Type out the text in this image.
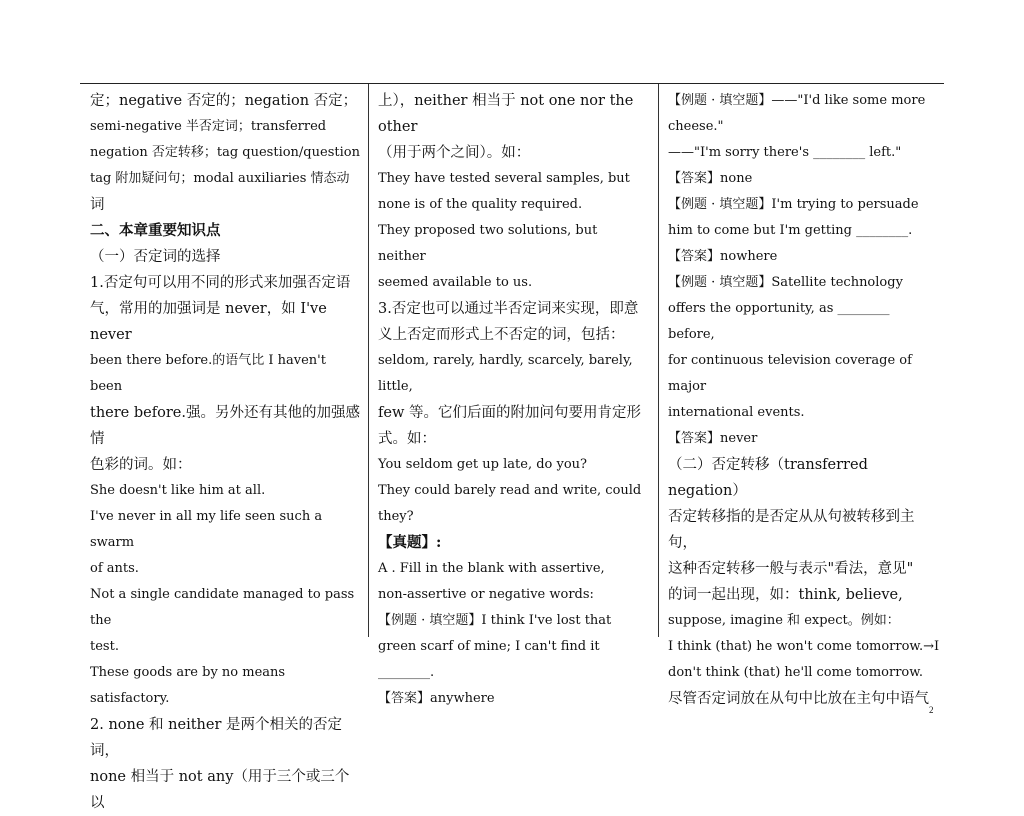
定；negative 否定的；negation 否定；

semi-negative 半否定词；transferred

negation 否定转移；tag question/question

tag 附加疑问句；modal auxiliaries 情态动

词

二、本章重要知识点

（一）否定词的选择

1.否定句可以用不同的形式来加强否定语

气，常用的加强词是 never，如 I've never

been there before.的语气比 I haven't been

there before.强。另外还有其他的加强感情

色彩的词。如：

She doesn't like him at all.

I've never in all my life seen such a swarm

of ants.

Not a single candidate managed to pass the

test.

These goods are by no means satisfactory.

2. none 和 neither 是两个相关的否定词，

none 相当于 not any（用于三个或三个以

上），neither 相当于 not one nor the other

（用于两个之间）。如：

They have tested several samples, but

none is of the quality required.

They proposed two solutions, but neither

seemed available to us.

3.否定也可以通过半否定词来实现，即意

义上否定而形式上不否定的词，包括：

seldom, rarely, hardly, scarcely, barely, little,

few 等。它们后面的附加问句要用肯定形

式。如：

You seldom get up late, do you?

They could barely read and write, could

they?

【真题】:

A . Fill in the blank with assertive,

non-assertive or negative words:

【例题 · 填空题】I think I've lost that

green scarf of mine; I can't find it ________.

【答案】anywhere

【例题 · 填空题】——"I'd like some more

cheese."

——"I'm sorry there's ________ left."

【答案】none

【例题 · 填空题】I'm trying to persuade

him to come but I'm getting ________.

【答案】nowhere

【例题 · 填空题】Satellite technology

offers the opportunity, as ________ before,

for continuous television coverage of major

international events.

【答案】never

（二）否定转移（transferred negation）

否定转移指的是否定从从句被转移到主句，

这种否定转移一般与表示"看法，意见"

的词一起出现，如：think, believe,

suppose, imagine 和 expect。例如：

I think (that) he won't come tomorrow.→I

don't think (that) he'll come tomorrow.

尽管否定词放在从句中比放在主句中语气

2
